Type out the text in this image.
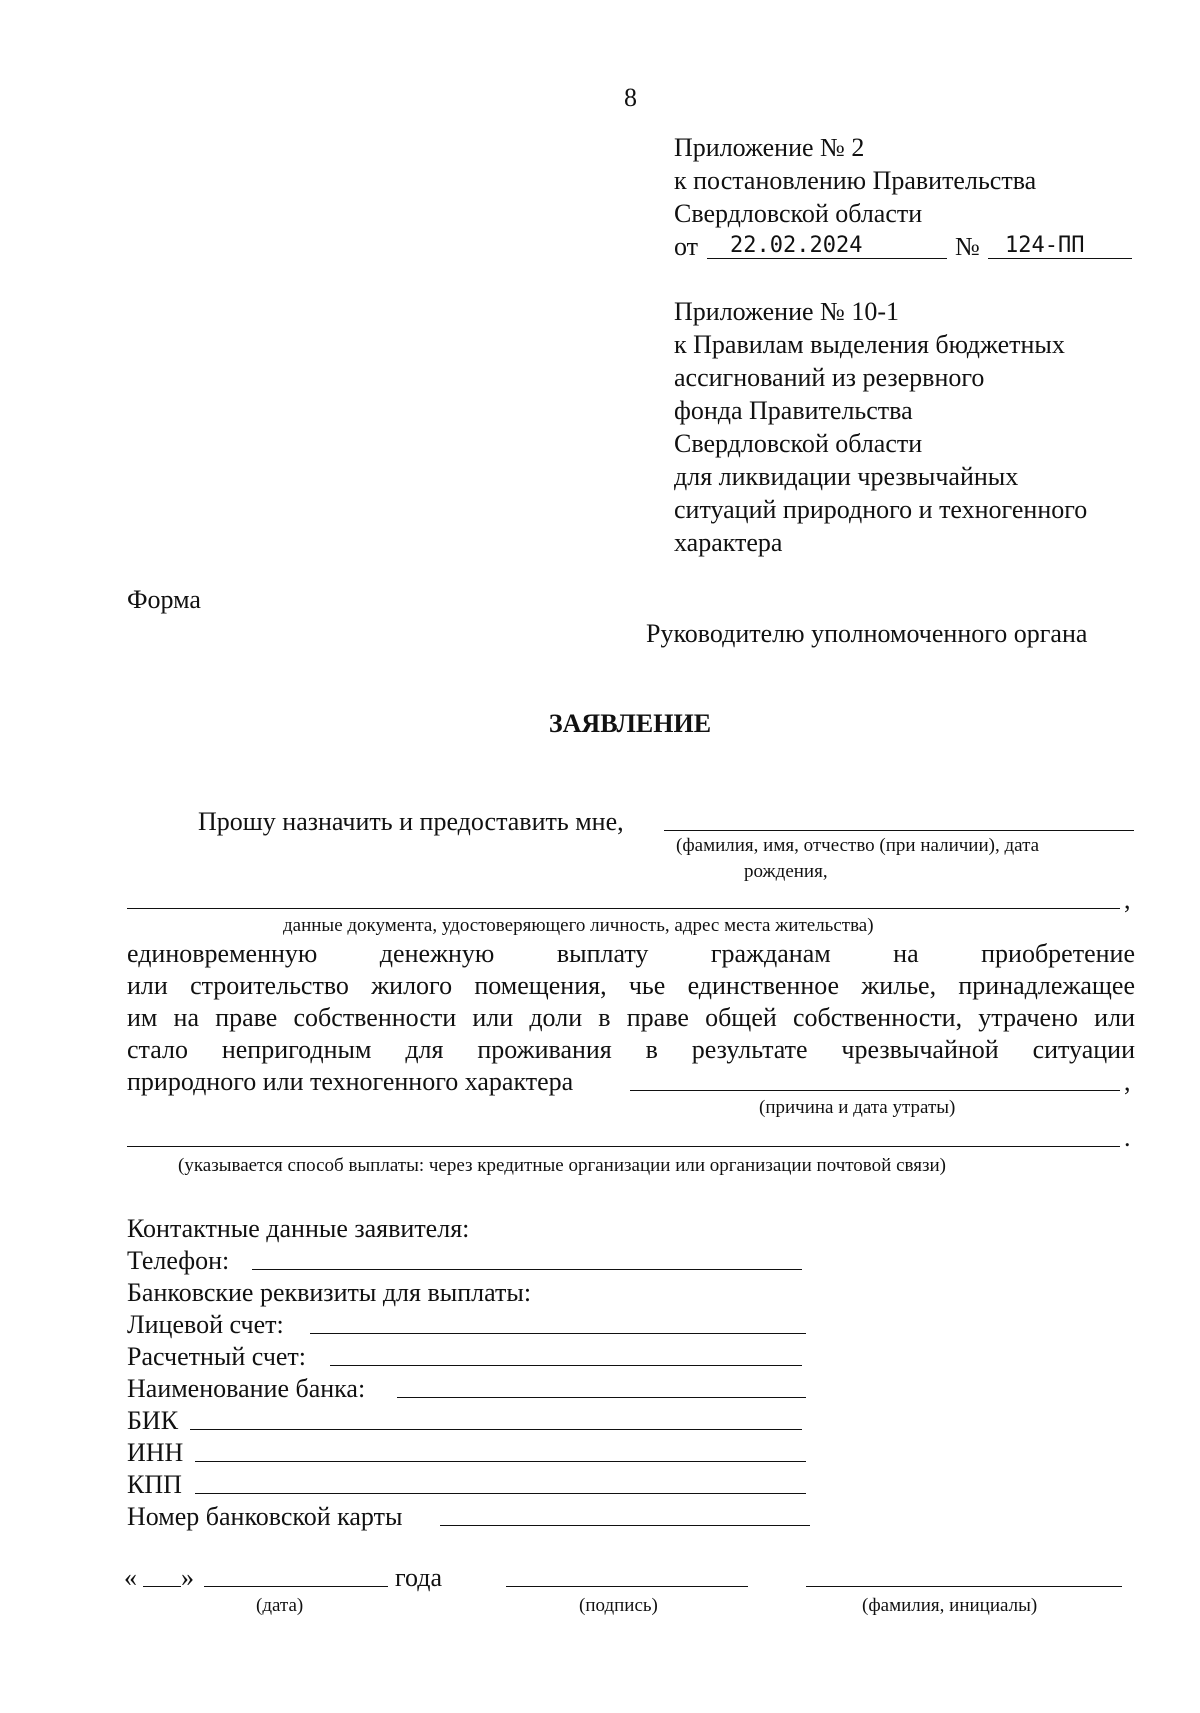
8
Приложение № 2
к постановлению Правительства
Свердловской области
от 22.02.2024	№ 124-ПП
Приложение № 10-1
к Правилам выделения бюджетных
ассигнований из резервного
фонда Правительства
Свердловской области
для ликвидации чрезвычайных
ситуаций природного и техногенного
характера
Форма
Руководителю уполномоченного органа
ЗАЯВЛЕНИЕ
Прошу назначить и предоставить мне,
(фамилия, имя, отчество (при наличии), дата
рождения,
,
данные документа, удостоверяющего личность, адрес места жительства)
единовременную денежную выплату гражданам на приобретение
или строительство жилого помещения, чье единственное жилье, принадлежащее
им на праве собственности или доли в праве общей собственности, утрачено или
стало непригодным для проживания в результате чрезвычайной ситуации
природного или техногенного характера	,
(причина и дата утраты)
.
(указывается способ выплаты: через кредитные организации или организации почтовой связи)
Контактные данные заявителя:
Телефон:
Банковские реквизиты для выплаты:
Лицевой счет:
Расчетный счет:
Наименование банка:
БИК
ИНН
КПП
Номер банковской карты
« »	года
(дата)	(подпись)	(фамилия, инициалы)
